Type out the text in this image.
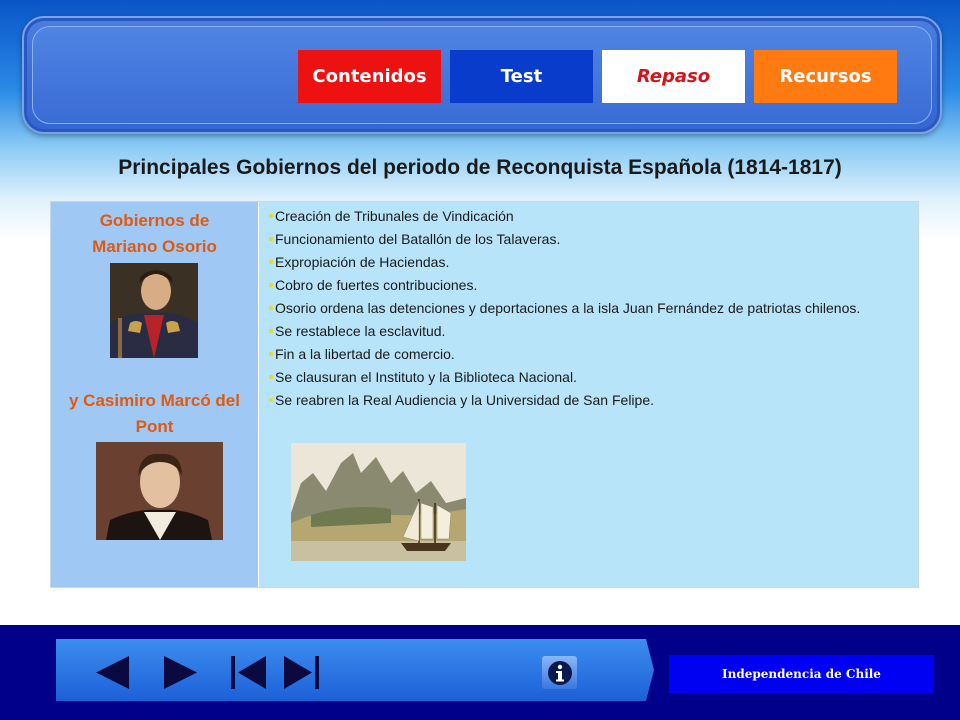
Contenidos	Test	Repaso	Recursos
Principales Gobiernos del periodo de Reconquista Española (1814-1817)
Gobiernos de Mariano Osorio
y Casimiro Marcó del Pont
Creación de Tribunales de Vindicación
Funcionamiento del Batallón de los Talaveras.
Expropiación de Haciendas.
Cobro de fuertes contribuciones.
Osorio ordena las detenciones y deportaciones a la isla Juan Fernández de patriotas chilenos.
Se restablece la esclavitud.
Fin a la libertad de comercio.
Se clausuran el Instituto y la Biblioteca Nacional.
Se reabren la Real Audiencia y la Universidad de San Felipe.
Independencia de Chile
